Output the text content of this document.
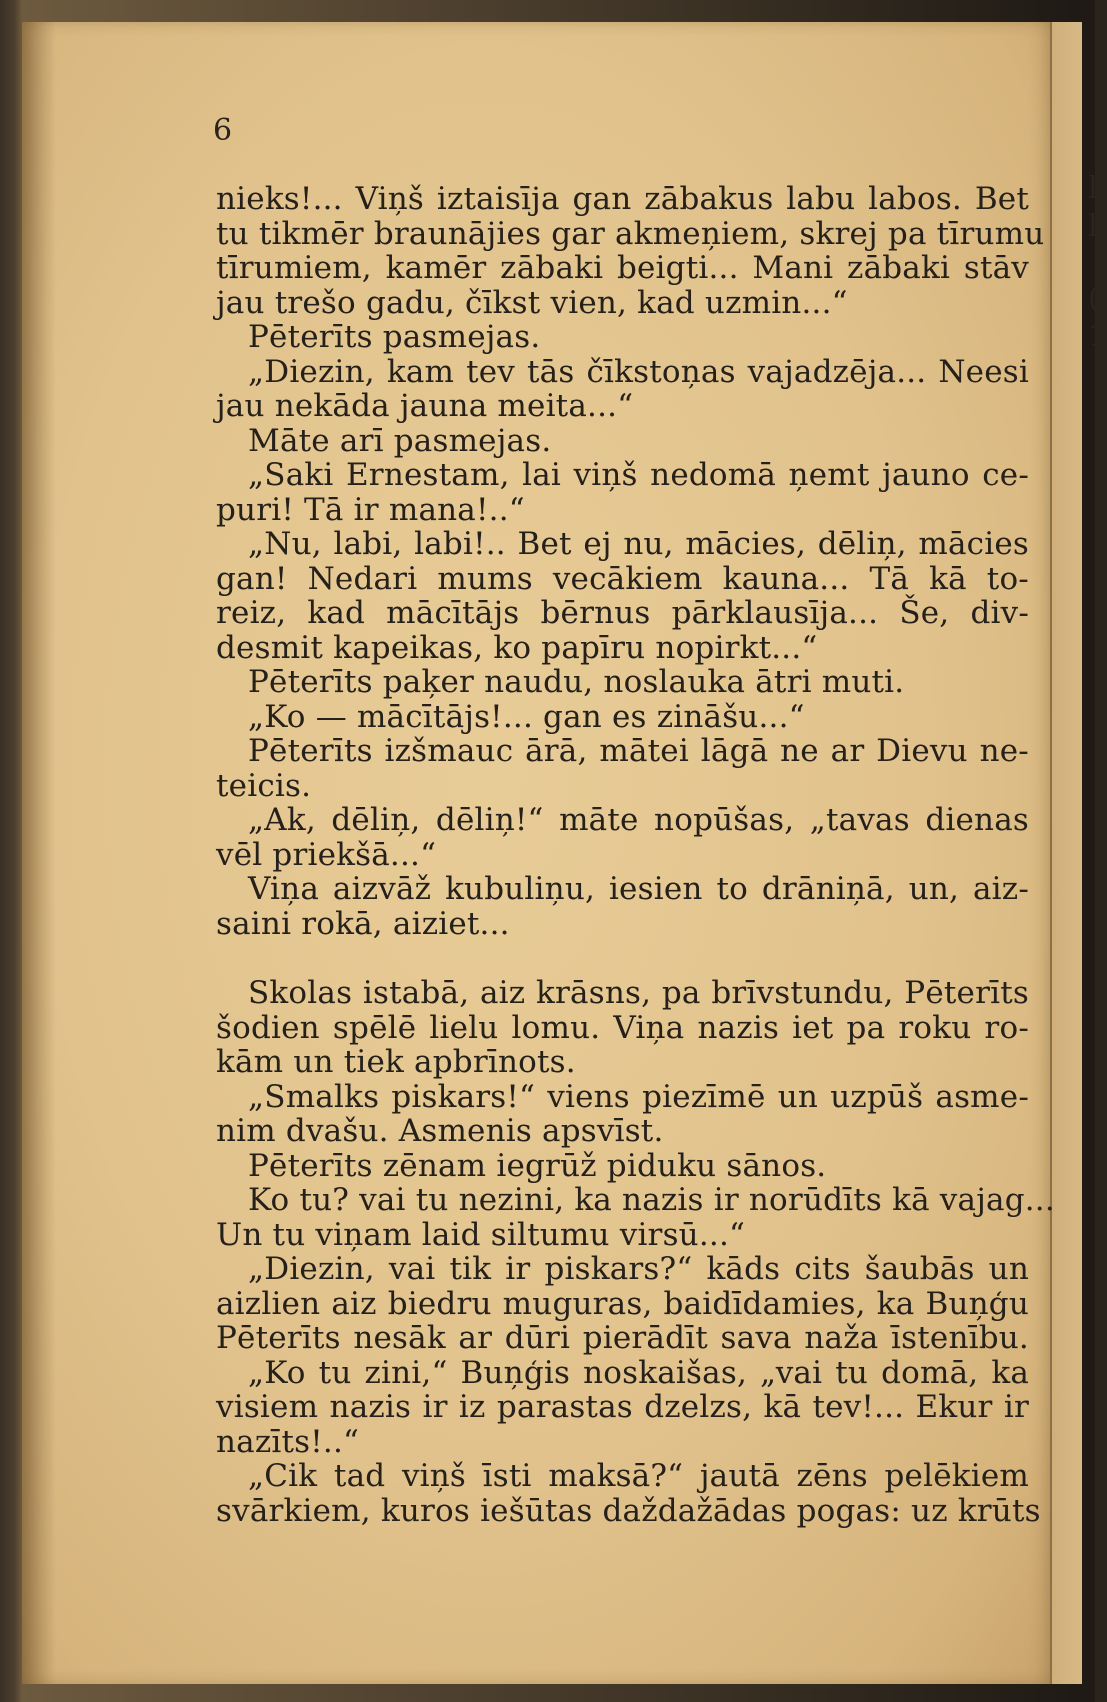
l
k
(
1
6
nieks!... Viņš iztaisīja gan zābakus labu labos. Bet
tu tikmēr braunājies gar akmeņiem, skrej pa tīrumu
tīrumiem, kamēr zābaki beigti... Mani zābaki stāv
jau trešo gadu, čīkst vien, kad uzmin...“
Pēterīts pasmejas.
„Diezin, kam tev tās čīkstoņas vajadzēja... Neesi
jau nekāda jauna meita...“
Māte arī pasmejas.
„Saki Ernestam, lai viņš nedomā ņemt jauno ce-
puri! Tā ir mana!..“
„Nu, labi, labi!.. Bet ej nu, mācies, dēliņ, mācies
gan! Nedari mums vecākiem kauna... Tā kā to-
reiz, kad mācītājs bērnus pārklausīja... Še, div-
desmit kapeikas, ko papīru nopirkt...“
Pēterīts paķer naudu, noslauka ātri muti.
„Ko — mācītājs!... gan es zināšu...“
Pēterīts izšmauc ārā, mātei lāgā ne ar Dievu ne-
teicis.
„Ak, dēliņ, dēliņ!“ māte nopūšas, „tavas dienas
vēl priekšā...“
Viņa aizvāž kubuliņu, iesien to drāniņā, un, aiz-
saini rokā, aiziet...
Skolas istabā, aiz krāsns, pa brīvstundu, Pēterīts
šodien spēlē lielu lomu. Viņa nazis iet pa roku ro-
kām un tiek apbrīnots.
„Smalks piskars!“ viens piezīmē un uzpūš asme-
nim dvašu. Asmenis apsvīst.
Pēterīts zēnam iegrūž piduku sānos.
Ko tu? vai tu nezini, ka nazis ir norūdīts kā vajag...
Un tu viņam laid siltumu virsū...“
„Diezin, vai tik ir piskars?“ kāds cits šaubās un
aizlien aiz biedru muguras, baidīdamies, ka Buņģu
Pēterīts nesāk ar dūri pierādīt sava naža īstenību.
„Ko tu zini,“ Buņģis noskaišas, „vai tu domā, ka
visiem nazis ir iz parastas dzelzs, kā tev!... Ekur ir
nazīts!..“
„Cik tad viņš īsti maksā?“ jautā zēns pelēkiem
svārkiem, kuros iešūtas daždažādas pogas: uz krūts
